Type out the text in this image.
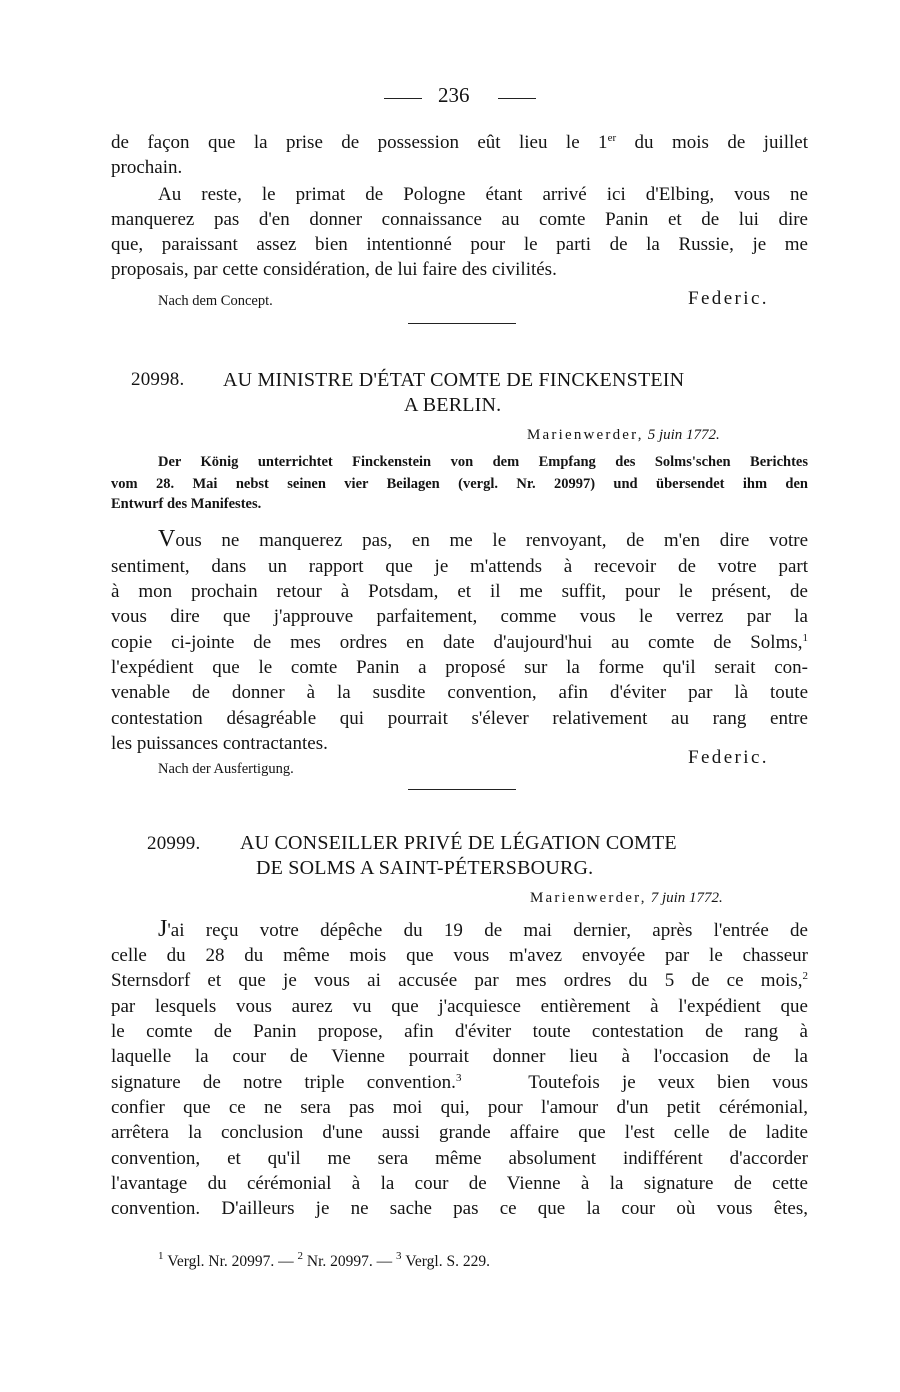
236

de façon que la prise de possession eût lieu le 1er du mois de juillet

prochain.

Au reste, le primat de Pologne étant arrivé ici d'Elbing, vous ne

manquerez pas d'en donner connaissance au comte Panin et de lui dire

que, paraissant assez bien intentionné pour le parti de la Russie, je me

proposais, par cette considération, de lui faire des civilités.

Nach dem Concept.	Federic.
20998. AU MINISTRE D'ÉTAT COMTE DE FINCKENSTEIN
A BERLIN.
Marienwerder, 5 juin 1772.

Der König unterrichtet Finckenstein von dem Empfang des Solms'schen Berichtes

vom 28. Mai nebst seinen vier Beilagen (vergl. Nr. 20997) und übersendet ihm den

Entwurf des Manifestes.

Vous ne manquerez pas, en me le renvoyant, de m'en dire votre

sentiment, dans un rapport que je m'attends à recevoir de votre part

à mon prochain retour à Potsdam, et il me suffit, pour le présent, de

vous dire que j'approuve parfaitement, comme vous le verrez par la

copie ci-jointe de mes ordres en date d'aujourd'hui au comte de Solms,$^1$

l'expédient que le comte Panin a proposé sur la forme qu'il serait con-

venable de donner à la susdite convention, afin d'éviter par là toute

contestation désagréable qui pourrait s'élever relativement au rang entre

les puissances contractantes.

Nach der Ausfertigung.
Federic.
20999. AU CONSEILLER PRIVÉ DE LÉGATION COMTE
DE SOLMS A SAINT-PÉTERSBOURG.
Marienwerder, 7 juin 1772.

J'ai reçu votre dépêche du 19 de mai dernier, après l'entrée de

celle du 28 du même mois que vous m'avez envoyée par le chasseur

Sternsdorf et que je vous ai accusée par mes ordres du 5 de ce mois,$^2$

par lesquels vous aurez vu que j'acquiesce entièrement à l'expédient que

le comte de Panin propose, afin d'éviter toute contestation de rang à

laquelle la cour de Vienne pourrait donner lieu à l'occasion de la

signature de notre triple convention.$^3$	Toutefois je veux bien vous

confier que ce ne sera pas moi qui, pour l'amour d'un petit cérémonial,

arrêtera la conclusion d'une aussi grande affaire que l'est celle de ladite

convention, et qu'il me sera même absolument indifférent d'accorder

l'avantage du cérémonial à la cour de Vienne à la signature de cette

convention. D'ailleurs je ne sache pas ce que la cour où vous êtes,

$^1$ Vergl. Nr. 20997. — $^2$ Nr. 20997. — $^3$ Vergl. S. 229.
